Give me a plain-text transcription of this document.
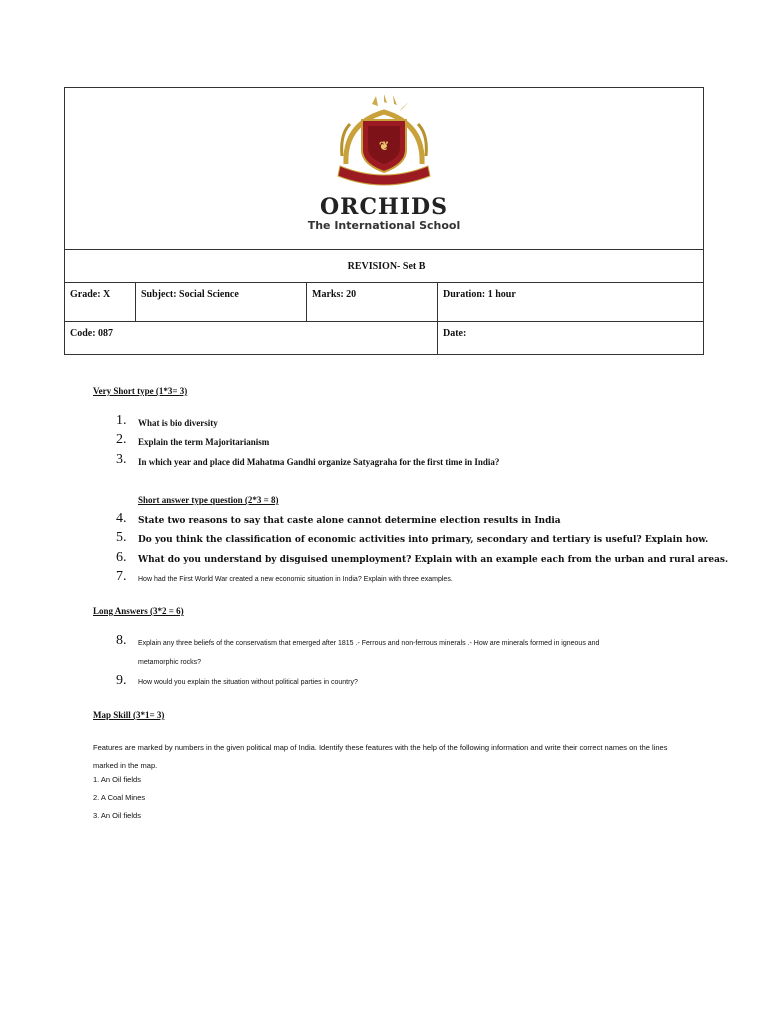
❦
ORCHIDS
The International School			

REVISION- Set B			
Grade: X	Subject: Social Science	Marks: 20	Duration: 1 hour
Code: 087			Date:
Very Short type (1*3= 3)
1.	What is bio diversity
2.	Explain the term Majoritarianism
3.	In which year and place did Mahatma Gandhi organize Satyagraha for the first time in India?
Short answer type question (2*3 = 8)
4.	State two reasons to say that caste alone cannot determine election results in India
5.	Do you think the classification of economic activities into primary, secondary and tertiary is useful? Explain how.
6.	What do you understand by disguised unemployment? Explain with an example each from the urban and rural areas.
7.	How had the First World War created a new economic situation in India? Explain with three examples.
Long Answers (3*2 = 6)
8.	Explain any three beliefs of the conservatism that emerged after 1815 .- Ferrous and non-ferrous minerals .- How are minerals formed in igneous and
metamorphic rocks?
9.	How would you explain the situation without political parties in country?
Map Skill (3*1= 3)
Features are marked by numbers in the given political map of India. Identify these features with the help of the following information and write their correct names on the lines marked in the map.
1. An Oil fields
2. A Coal Mines
3. An Oil fields
